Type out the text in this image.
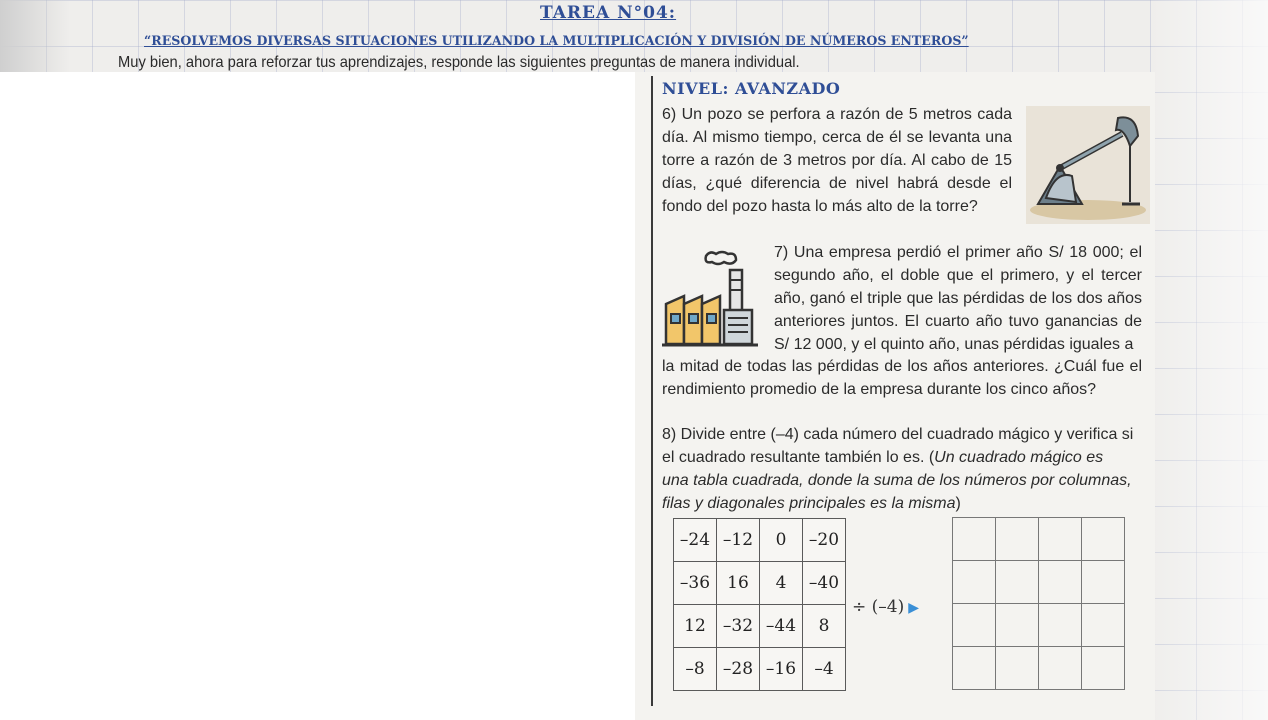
TAREA N°04:
“RESOLVEMOS DIVERSAS SITUACIONES UTILIZANDO LA MULTIPLICACIÓN Y DIVISIÓN DE NÚMEROS ENTEROS”
Muy bien, ahora para reforzar tus aprendizajes, responde las siguientes preguntas de manera individual.
NIVEL: AVANZADO
6) Un pozo se perfora a razón de 5 metros cada día. Al mismo tiempo, cerca de él se levanta una torre a razón de 3 metros por día. Al cabo de 15 días, ¿qué diferencia de nivel habrá desde el fondo del pozo hasta lo más alto de la torre?
7) Una empresa perdió el primer año S/ 18 000; el segundo año, el doble que el primero, y el tercer año, ganó el triple que las pérdidas de los dos años anteriores juntos. El cuarto año tuvo ganancias de S/ 12 000, y el quinto año, unas pérdidas iguales a
la mitad de todas las pérdidas de los años anteriores. ¿Cuál fue el rendimiento promedio de la empresa durante los cinco años?
8) Divide entre (–4) cada número del cuadrado mágico y verifica si el cuadrado resultante también lo es. (Un cuadrado mágico es una tabla cuadrada, donde la suma de los números por columnas, filas y diagonales principales es la misma)
–24	–12	0	–20
–36	16	4	–40
12	–32	–44	8
–8	–28	–16	–4
÷ (–4) ▶
